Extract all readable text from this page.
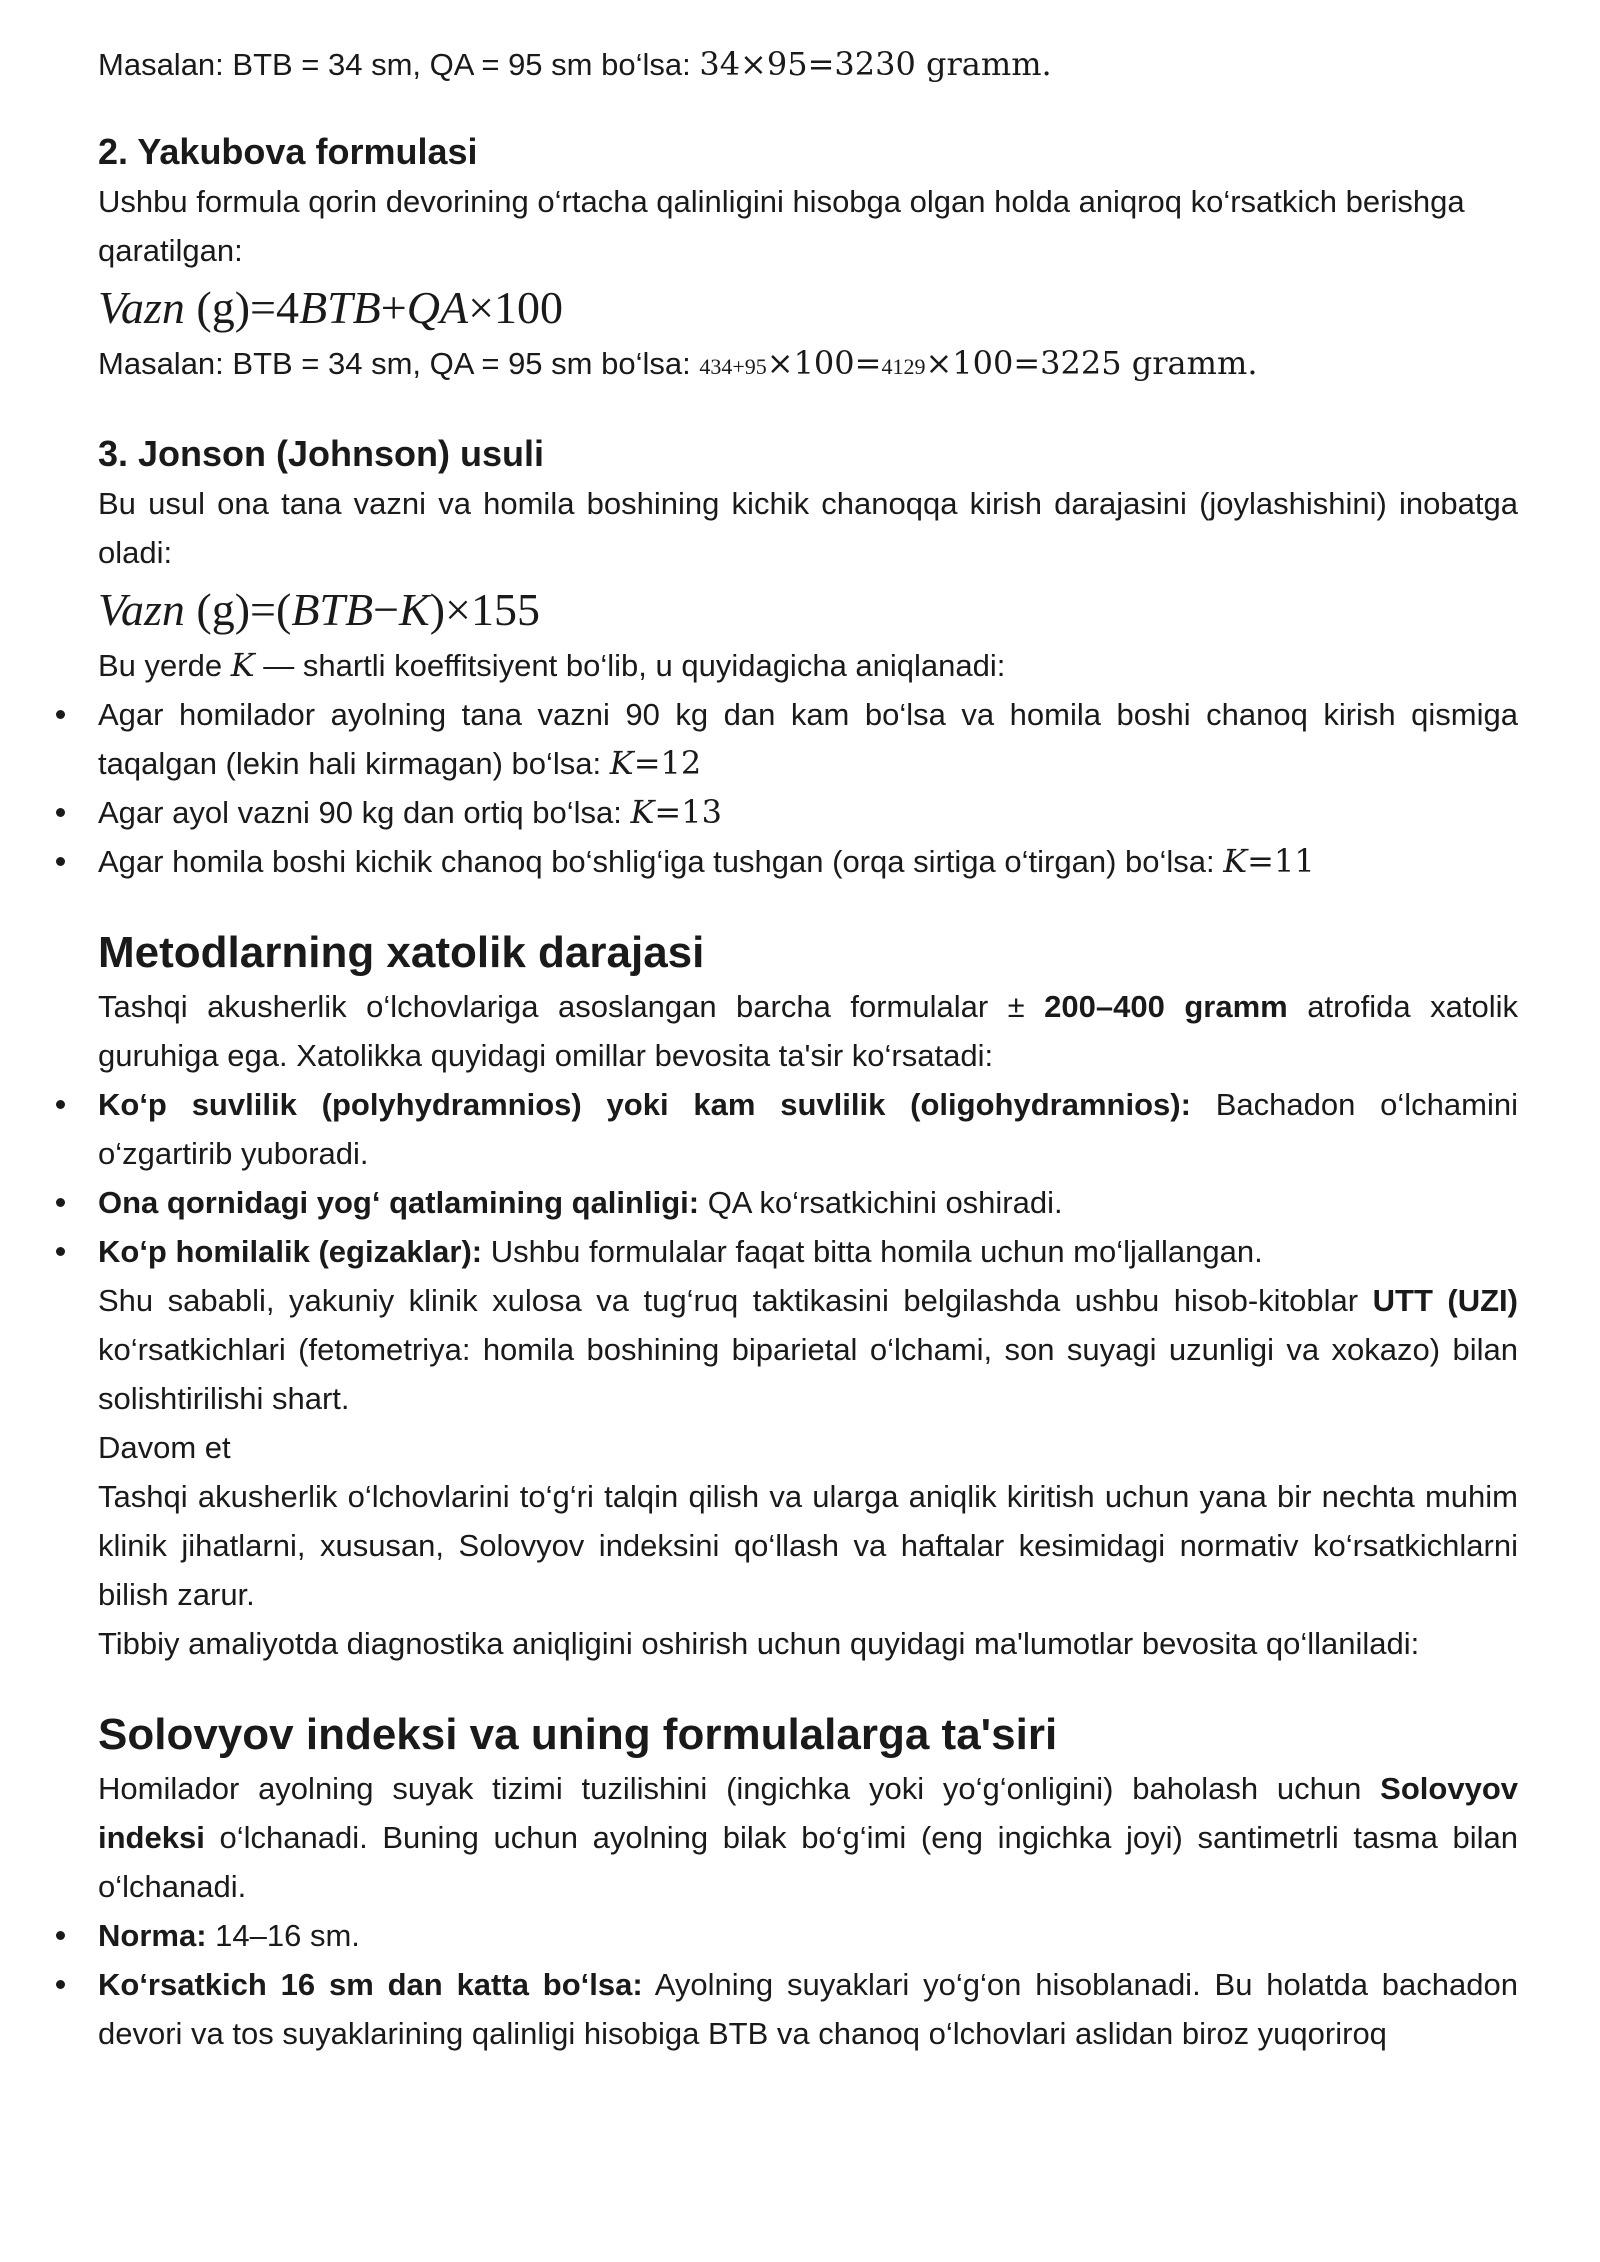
Masalan: BTB = 34 sm, QA = 95 sm bo‘lsa: 34×95=3230 gramm.

2. Yakubova formulasi

Ushbu formula qorin devorining o‘rtacha qalinligini hisobga olgan holda aniqroq ko‘rsatkich berishga qaratilgan:

Vazn (g)=4BTB+QA×100

Masalan: BTB = 34 sm, QA = 95 sm bo‘lsa: 434+95×100=4129×100=3225 gramm.

3. Jonson (Johnson) usuli

Bu usul ona tana vazni va homila boshining kichik chanoqqa kirish darajasini (joylashishini) inobatga oladi:

Vazn (g)=(BTB−K)×155

Bu yerde K — shartli koeffitsiyent bo‘lib, u quyidagicha aniqlanadi:

Agar homilador ayolning tana vazni 90 kg dan kam bo‘lsa va homila boshi chanoq kirish qismiga taqalgan (lekin hali kirmagan) bo‘lsa: K=12
Agar ayol vazni 90 kg dan ortiq bo‘lsa: K=13
Agar homila boshi kichik chanoq bo‘shlig‘iga tushgan (orqa sirtiga o‘tirgan) bo‘lsa: K=11
Metodlarning xatolik darajasi

Tashqi akusherlik o‘lchovlariga asoslangan barcha formulalar ± 200–400 gramm atrofida xatolik guruhiga ega. Xatolikka quyidagi omillar bevosita ta'sir ko‘rsatadi:

Ko‘p suvlilik (polyhydramnios) yoki kam suvlilik (oligohydramnios): Bachadon o‘lchamini o‘zgartirib yuboradi.
Ona qornidagi yog‘ qatlamining qalinligi: QA ko‘rsatkichini oshiradi.
Ko‘p homilalik (egizaklar): Ushbu formulalar faqat bitta homila uchun mo‘ljallangan.

Shu sababli, yakuniy klinik xulosa va tug‘ruq taktikasini belgilashda ushbu hisob-kitoblar UTT (UZI) ko‘rsatkichlari (fetometriya: homila boshining biparietal o‘lchami, son suyagi uzunligi va xokazo) bilan solishtirilishi shart.

Davom et

Tashqi akusherlik o‘lchovlarini to‘g‘ri talqin qilish va ularga aniqlik kiritish uchun yana bir nechta muhim klinik jihatlarni, xususan, Solovyov indeksini qo‘llash va haftalar kesimidagi normativ ko‘rsatkichlarni bilish zarur.

Tibbiy amaliyotda diagnostika aniqligini oshirish uchun quyidagi ma'lumotlar bevosita qo‘llaniladi:

Solovyov indeksi va uning formulalarga ta'siri

Homilador ayolning suyak tizimi tuzilishini (ingichka yoki yo‘g‘onligini) baholash uchun Solovyov indeksi o‘lchanadi. Buning uchun ayolning bilak bo‘g‘imi (eng ingichka joyi) santimetrli tasma bilan o‘lchanadi.

Norma: 14–16 sm.
Ko‘rsatkich 16 sm dan katta bo‘lsa: Ayolning suyaklari yo‘g‘on hisoblanadi. Bu holatda bachadon devori va tos suyaklarining qalinligi hisobiga BTB va chanoq o‘lchovlari aslidan biroz yuqoriroq
